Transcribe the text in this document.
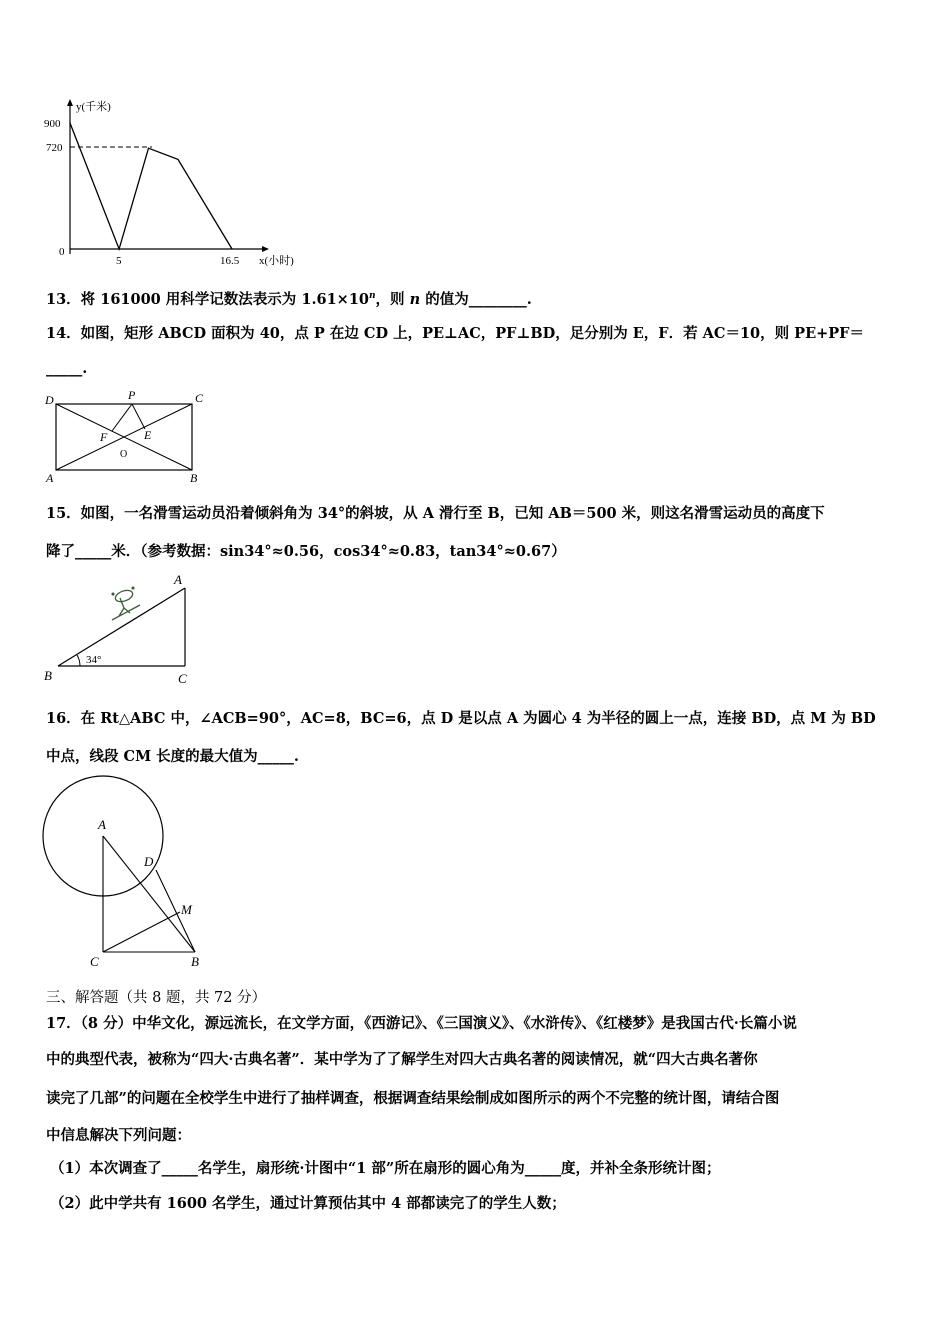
y(千米)
x(小时)
0
900
720
5	16.5
13．将 161000 用科学记数法表示为 $1.61\times 10^n$，则 n 的值为________.
14．如图，矩形 ABCD 面积为 40，点 P 在边 CD 上，PE⊥AC，PF⊥BD，足分别为 E，F．若 AC＝10，则 PE+PF＝
_____.
D	P	C
F	E
O
A	B
15．如图，一名滑雪运动员沿着倾斜角为 34°的斜坡，从 A 滑行至 B，已知 AB＝500 米，则这名滑雪运动员的高度下
降了_____米．（参考数据：sin34°≈0.56，cos34°≈0.83，tan34°≈0.67）
34°
A
B	C
16．在 Rt△ABC 中，∠ACB=90°，AC=8，BC=6，点 D 是以点 A 为圆心 4 为半径的圆上一点，连接 BD，点 M 为 BD
中点，线段 CM 长度的最大值为_____.
A
D
M
C	B
三、解答题（共 8 题，共 72 分）
17．（8 分）中华文化，源远流长，在文学方面，《西游记》、《三国演义》、《水浒传》、《红楼梦》是我国古代·长篇小说
中的典型代表，被称为“四大·古典名著”．某中学为了了解学生对四大古典名著的阅读情况，就“四大古典名著你
读完了几部”的问题在全校学生中进行了抽样调查，根据调查结果绘制成如图所示的两个不完整的统计图，请结合图
中信息解决下列问题：
（1）本次调查了_____名学生，扇形统·计图中“1 部”所在扇形的圆心角为_____度，并补全条形统计图；
（2）此中学共有 1600 名学生，通过计算预估其中 4 部都读完了的学生人数；
